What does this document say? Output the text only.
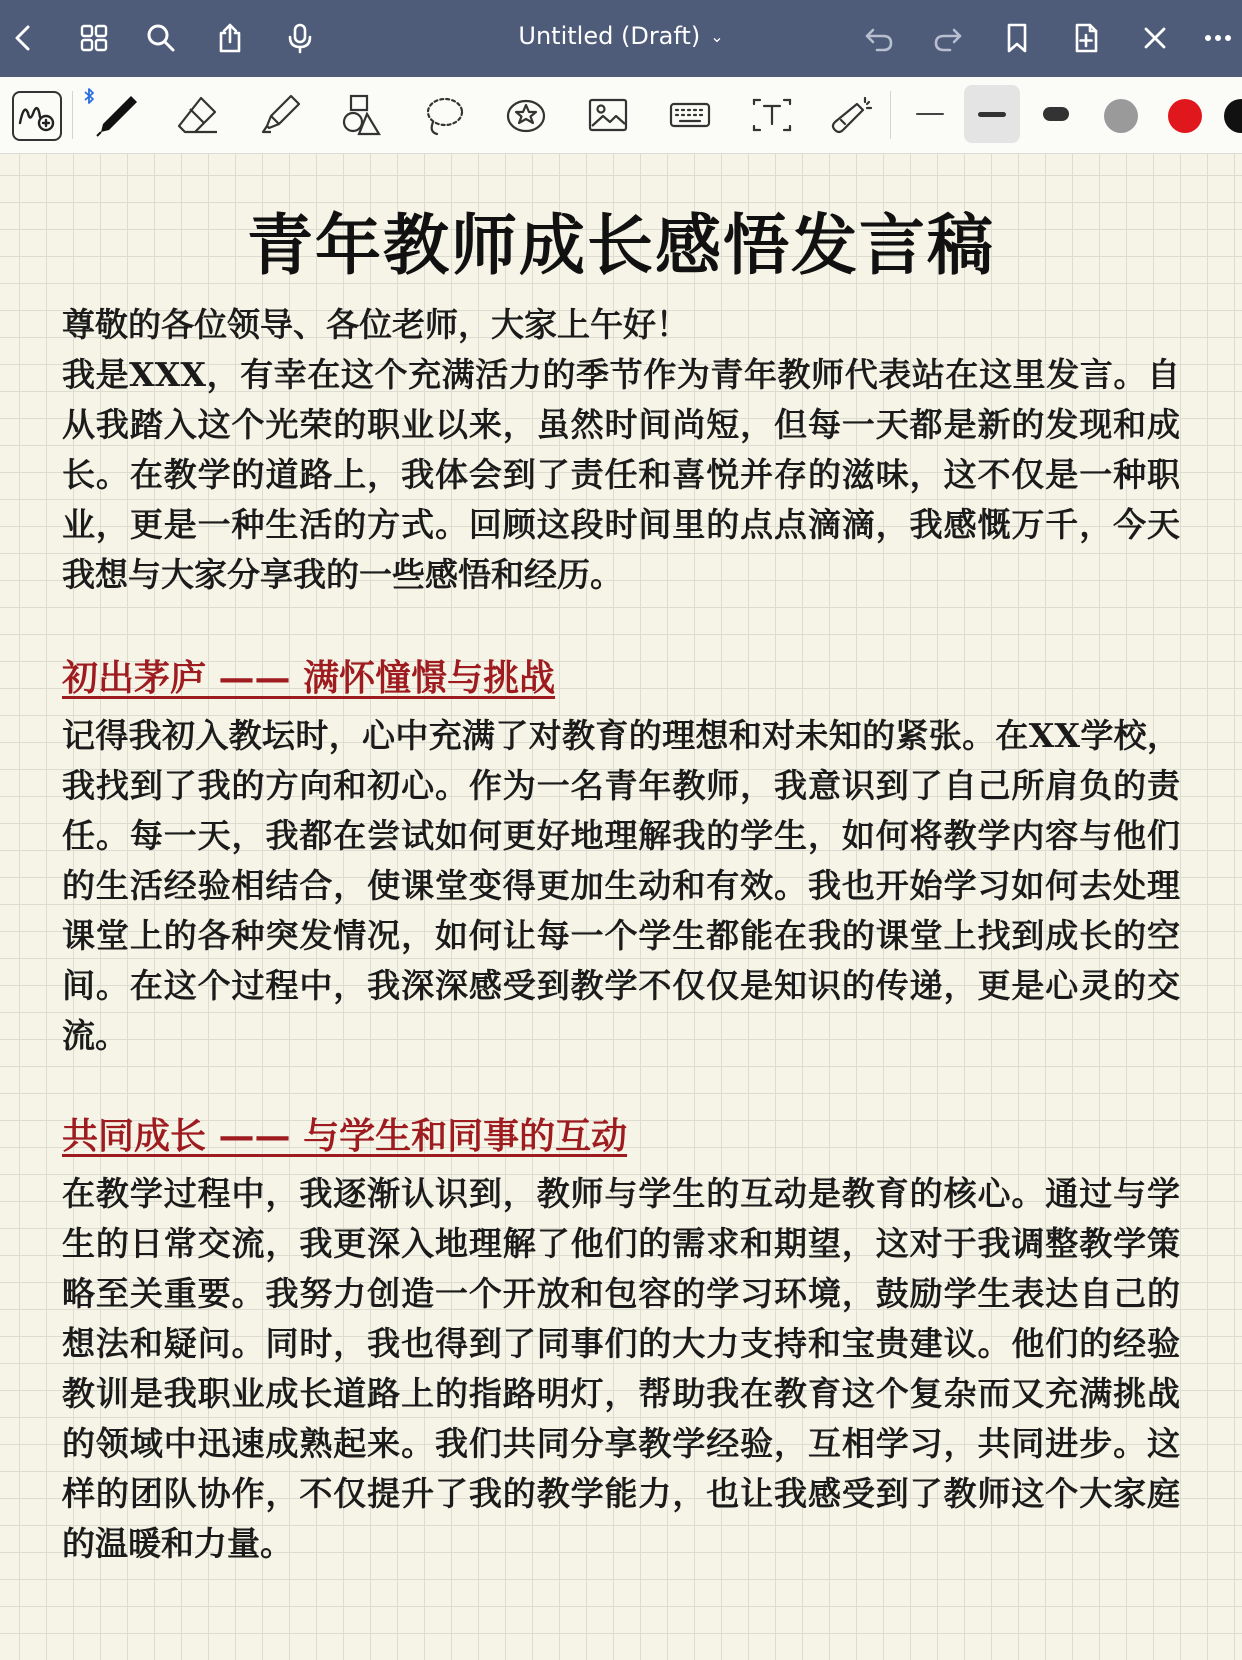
Untitled (Draft) ⌄
青年教师成长感悟发言稿

尊敬的各位领导、各位老师，大家上午好！

我是XXX，有幸在这个充满活力的季节作为青年教师代表站在这里发言。自从我踏入这个光荣的职业以来，虽然时间尚短，但每一天都是新的发现和成长。在教学的道路上，我体会到了责任和喜悦并存的滋味，这不仅是一种职业，更是一种生活的方式。回顾这段时间里的点点滴滴，我感慨万千，今天我想与大家分享我的一些感悟和经历。

初出茅庐 —— 满怀憧憬与挑战

记得我初入教坛时，心中充满了对教育的理想和对未知的紧张。在XX学校，我找到了我的方向和初心。作为一名青年教师，我意识到了自己所肩负的责任。每一天，我都在尝试如何更好地理解我的学生，如何将教学内容与他们的生活经验相结合，使课堂变得更加生动和有效。我也开始学习如何去处理课堂上的各种突发情况，如何让每一个学生都能在我的课堂上找到成长的空间。在这个过程中，我深深感受到教学不仅仅是知识的传递，更是心灵的交流。

共同成长 —— 与学生和同事的互动

在教学过程中，我逐渐认识到，教师与学生的互动是教育的核心。通过与学生的日常交流，我更深入地理解了他们的需求和期望，这对于我调整教学策略至关重要。我努力创造一个开放和包容的学习环境，鼓励学生表达自己的想法和疑问。同时，我也得到了同事们的大力支持和宝贵建议。他们的经验教训是我职业成长道路上的指路明灯，帮助我在教育这个复杂而又充满挑战的领域中迅速成熟起来。我们共同分享教学经验，互相学习，共同进步。这样的团队协作，不仅提升了我的教学能力，也让我感受到了教师这个大家庭的温暖和力量。
